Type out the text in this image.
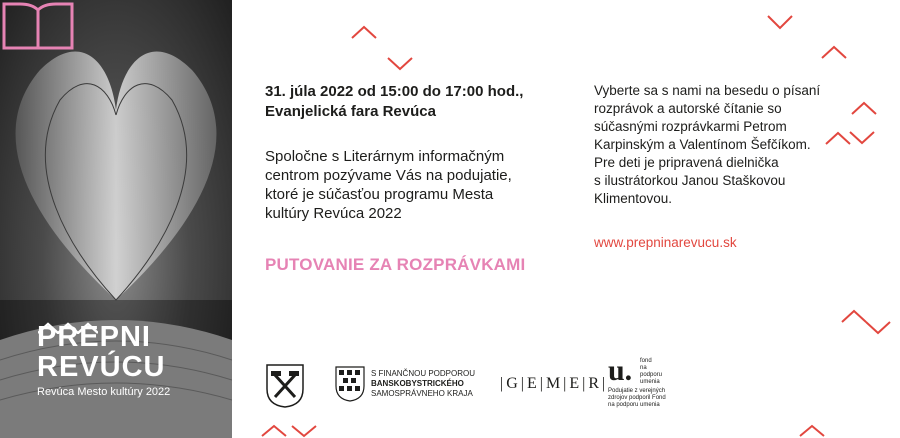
PREPNI
REVÚCU
Revúca Mesto kultúry 2022
31. júla 2022 od 15:00 do 17:00 hod.,
Evanjelická fara Revúca
Spoločne s Literárnym informačným
centrom pozývame Vás na podujatie,
ktoré je súčasťou programu Mesta
kultúry Revúca 2022
PUTOVANIE ZA ROZPRÁVKAMI
Vyberte sa s nami na besedu o písaní
rozprávok a autorské čítanie so
súčasnými rozprávkarmi Petrom
Karpinským a Valentínom Šefčíkom.
Pre deti je pripravená dielnička
s ilustrátorkou Janou Staškovou
Klimentovou.
www.prepninarevucu.sk
S FINANČNOU PODPOROU
BANSKOBYSTRICKÉHO
SAMOSPRÁVNEHO KRAJA
|G|E|M|E|R| u.	fond
na podporu
umenia
Podujatie z verejných
zdrojov podporil Fond
na podporu umenia
